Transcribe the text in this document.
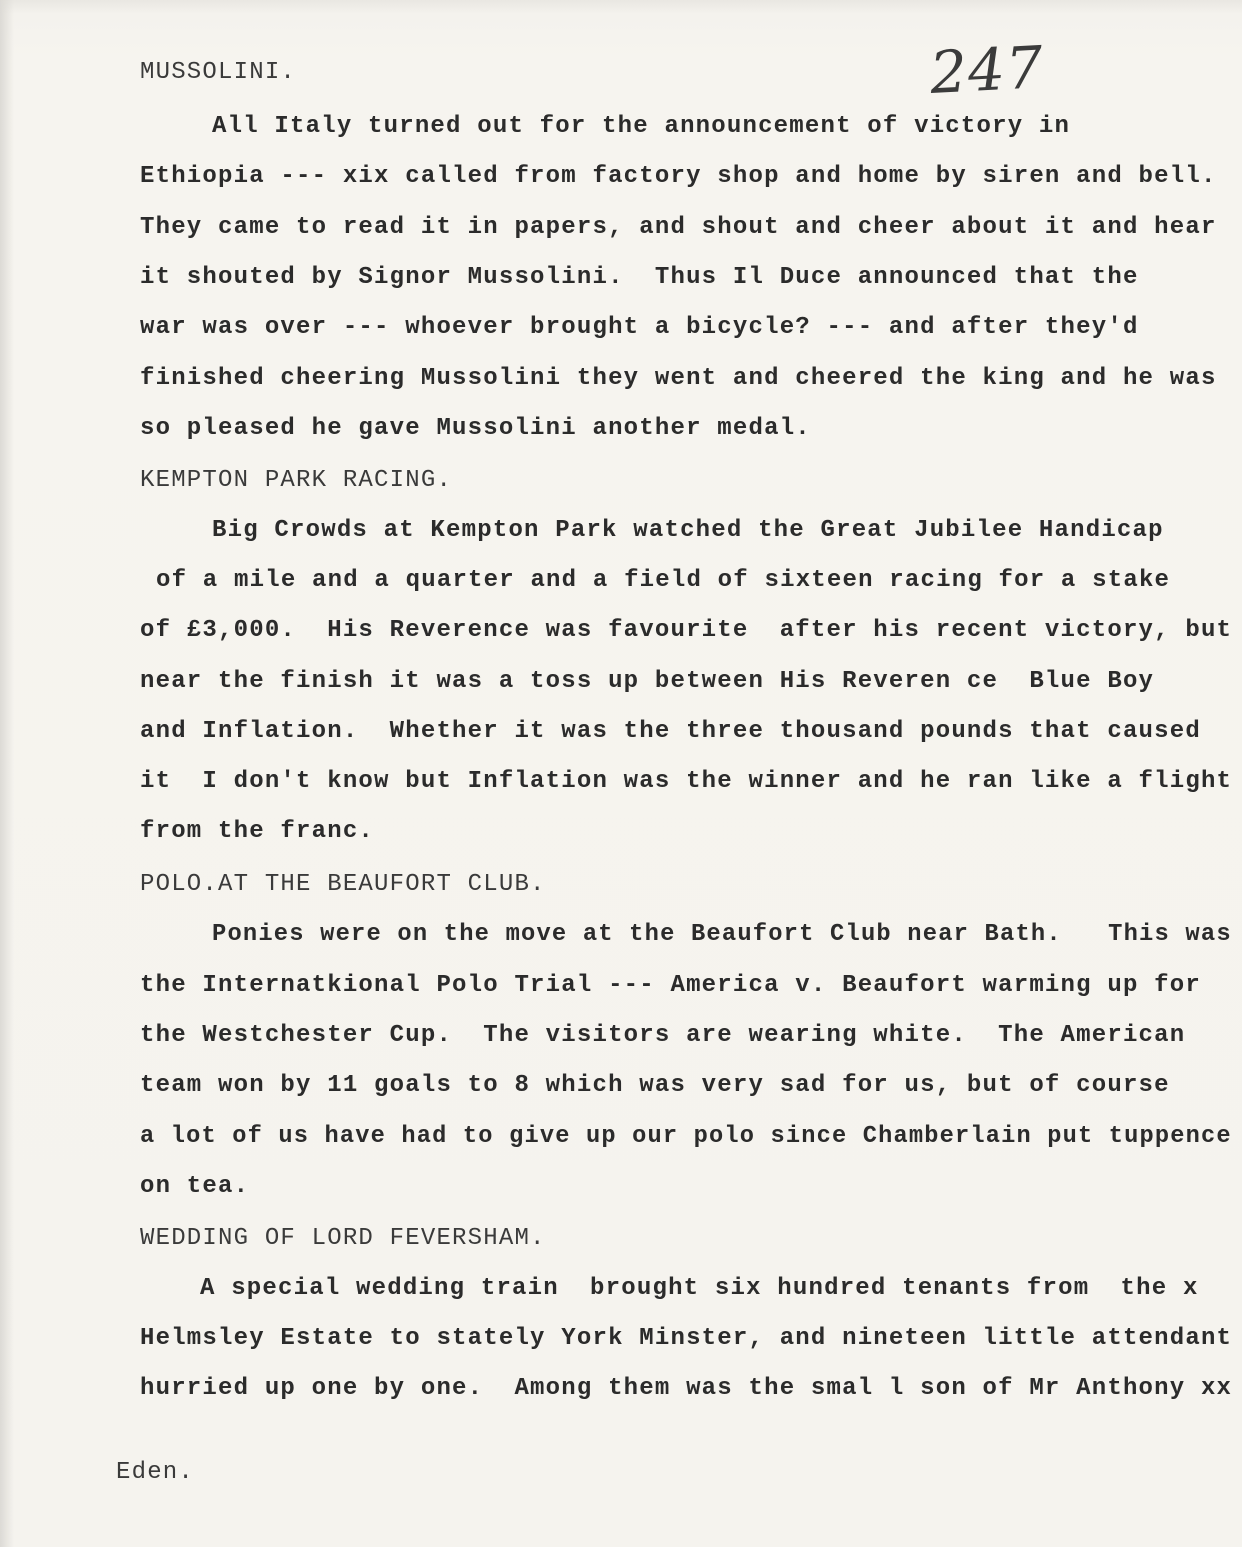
247
MUSSOLINI.
All Italy turned out for the announcement of victory in
Ethiopia --- xix called from factory shop and home by siren and bell.
They came to read it in papers, and shout and cheer about it and hear
it shouted by Signor Mussolini.  Thus Il Duce announced that the
war was over --- whoever brought a bicycle? --- and after they'd
finished cheering Mussolini they went and cheered the king and he was
so pleased he gave Mussolini another medal.
KEMPTON PARK RACING.
Big Crowds at Kempton Park watched the Great Jubilee Handicap
of a mile and a quarter and a field of sixteen racing for a stake
of £3,000.  His Reverence was favourite  after his recent victory, but
near the finish it was a toss up between His Reveren ce  Blue Boy
and Inflation.  Whether it was the three thousand pounds that caused
it  I don't know but Inflation was the winner and he ran like a flight
from the franc.
POLO.AT THE BEAUFORT CLUB.
Ponies were on the move at the Beaufort Club near Bath.   This was
the Internatkional Polo Trial --- America v. Beaufort warming up for
the Westchester Cup.  The visitors are wearing white.  The American
team won by 11 goals to 8 which was very sad for us, but of course
a lot of us have had to give up our polo since Chamberlain put tuppence
on tea.
WEDDING OF LORD FEVERSHAM.
A special wedding train  brought six hundred tenants from  the x
Helmsley Estate to stately York Minster, and nineteen little attendant
hurried up one by one.  Among them was the smal l son of Mr Anthony xx
Eden.
